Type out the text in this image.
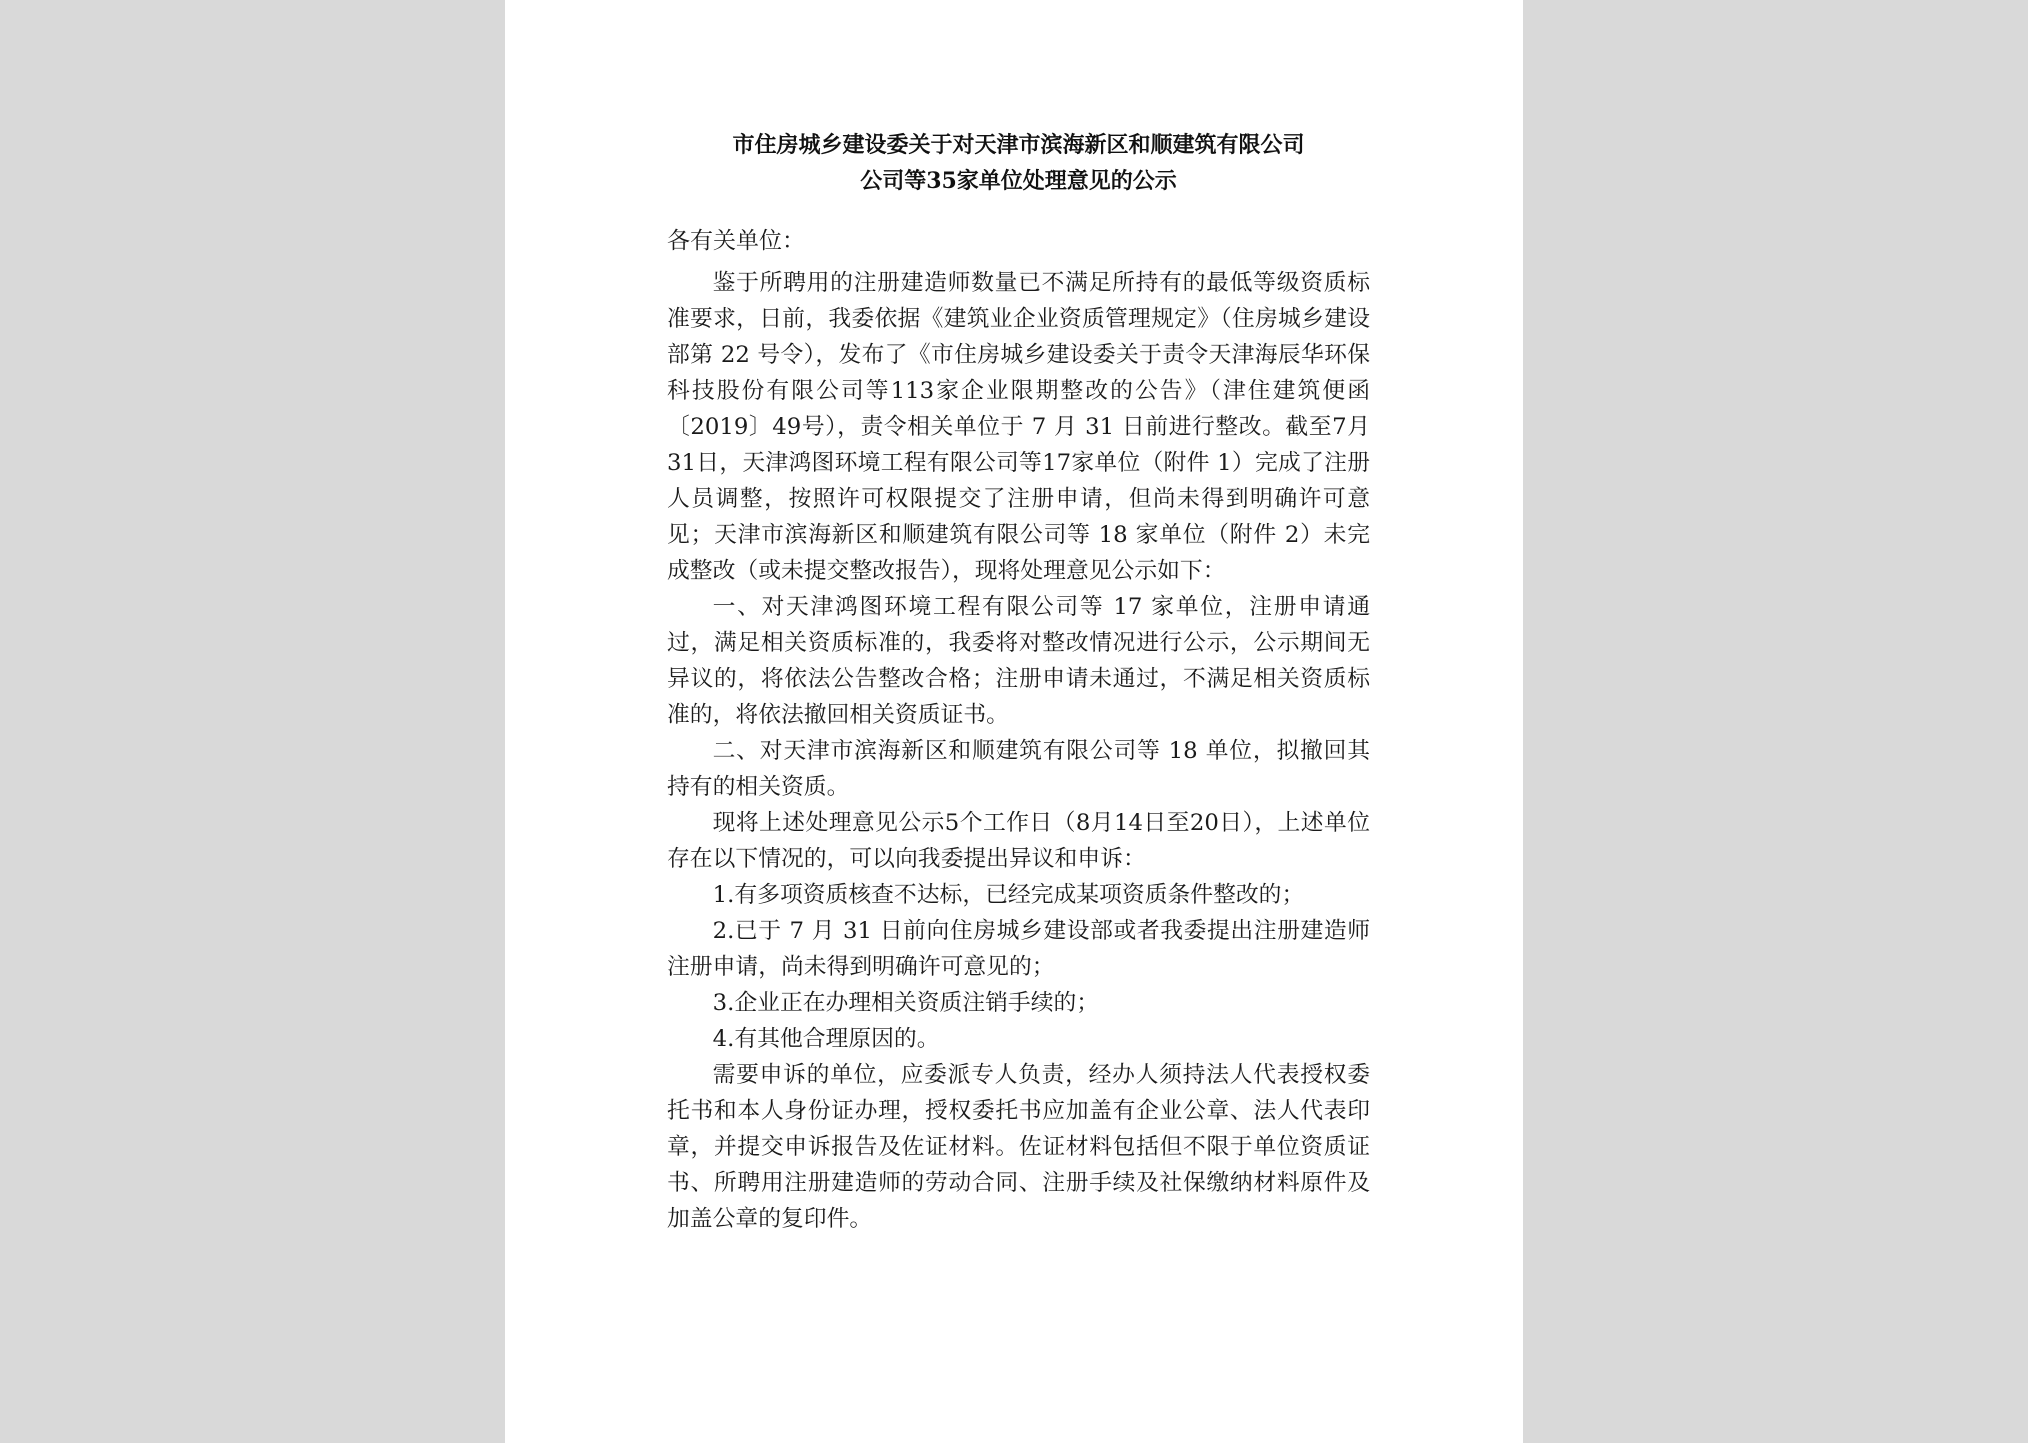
市住房城乡建设委关于对天津市滨海新区和顺建筑有限公司
公司等35家单位处理意见的公示
各有关单位：

鉴于所聘用的注册建造师数量已不满足所持有的最低等级资质标准要求，日前，我委依据《建筑业企业资质管理规定》（住房城乡建设部第 22 号令），发布了《市住房城乡建设委关于责令天津海辰华环保科技股份有限公司等113家企业限期整改的公告》（津住建筑便函〔2019〕49号），责令相关单位于 7 月 31 日前进行整改。截至7月31日，天津鸿图环境工程有限公司等17家单位（附件 1）完成了注册人员调整，按照许可权限提交了注册申请，但尚未得到明确许可意见；天津市滨海新区和顺建筑有限公司等 18 家单位（附件 2）未完成整改（或未提交整改报告），现将处理意见公示如下：

一、对天津鸿图环境工程有限公司等 17 家单位，注册申请通过，满足相关资质标准的，我委将对整改情况进行公示，公示期间无异议的，将依法公告整改合格；注册申请未通过，不满足相关资质标准的，将依法撤回相关资质证书。

二、对天津市滨海新区和顺建筑有限公司等 18 单位，拟撤回其持有的相关资质。

现将上述处理意见公示5个工作日（8月14日至20日），上述单位存在以下情况的，可以向我委提出异议和申诉：

1.有多项资质核查不达标，已经完成某项资质条件整改的；

2.已于 7 月 31 日前向住房城乡建设部或者我委提出注册建造师注册申请，尚未得到明确许可意见的；

3.企业正在办理相关资质注销手续的；

4.有其他合理原因的。

需要申诉的单位，应委派专人负责，经办人须持法人代表授权委托书和本人身份证办理，授权委托书应加盖有企业公章、法人代表印章，并提交申诉报告及佐证材料。佐证材料包括但不限于单位资质证书、所聘用注册建造师的劳动合同、注册手续及社保缴纳材料原件及加盖公章的复印件。
